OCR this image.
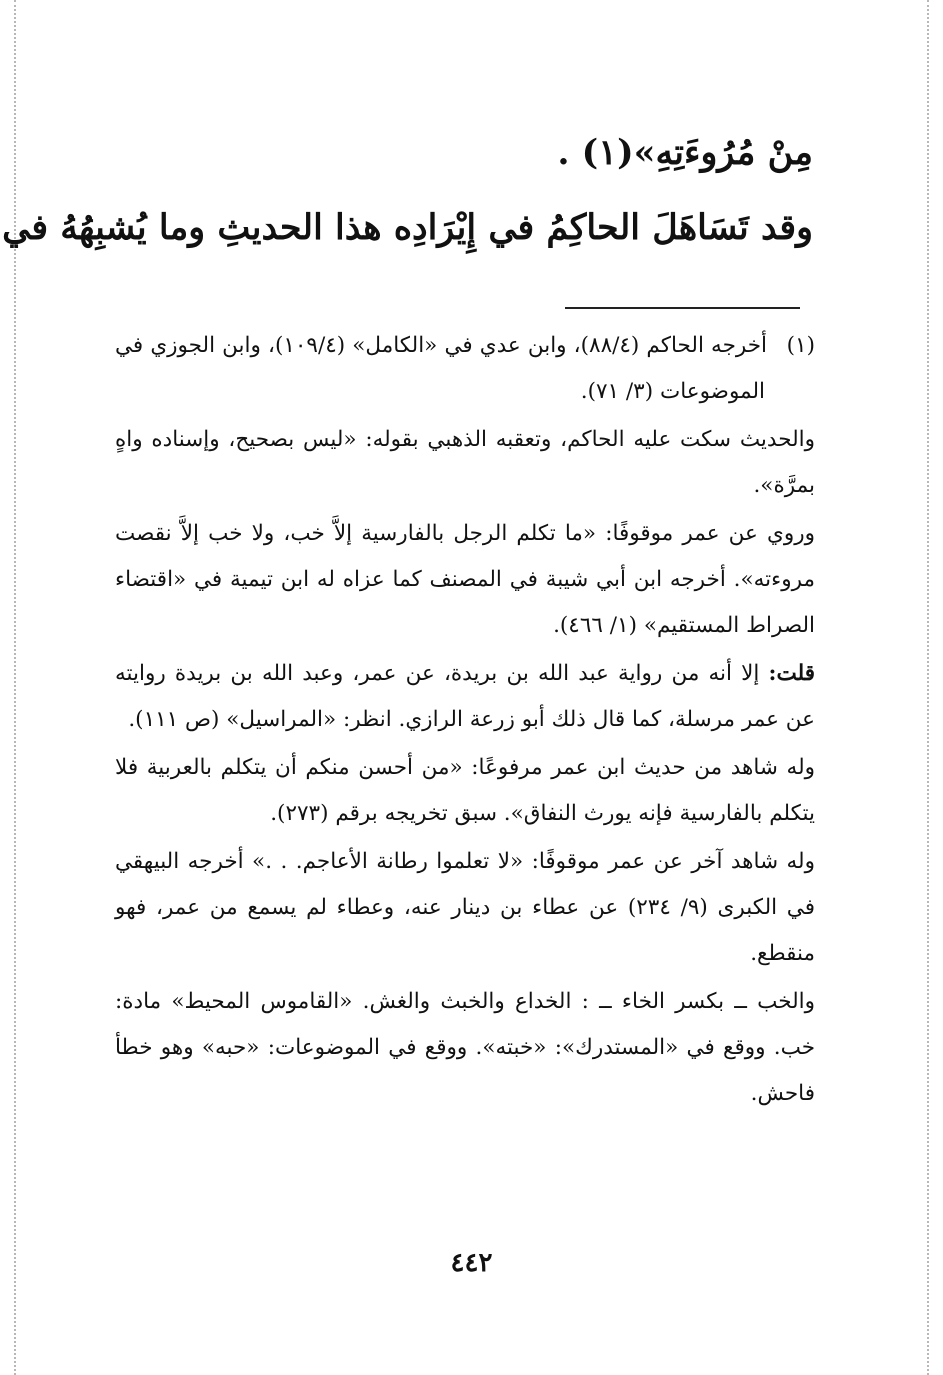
مِنْ مُرُوءَتِهِ»(١) .
وقد تَسَاهَلَ الحاكِمُ في إِيْرَادِه هذا الحديثِ وما يُشبِهُهُ في

(١)أخرجه الحاكم (٨٨/٤)، وابن عدي في «الكامل» (١٠٩/٤)، وابن الجوزي في الموضوعات (٣/ ٧١).

والحديث سكت عليه الحاكم، وتعقبه الذهبي بقوله: «ليس بصحيح، وإسناده واهٍ بمرَّة».

وروي عن عمر موقوفًا: «ما تكلم الرجل بالفارسية إلاَّ خب، ولا خب إلاَّ نقصت مروءته». أخرجه ابن أبي شيبة في المصنف كما عزاه له ابن تيمية في «اقتضاء الصراط المستقيم» (١/ ٤٦٦).

قلت: إلا أنه من رواية عبد الله بن بريدة، عن عمر، وعبد الله بن بريدة روايته عن عمر مرسلة، كما قال ذلك أبو زرعة الرازي. انظر: «المراسيل» (ص ١١١).

وله شاهد من حديث ابن عمر مرفوعًا: «من أحسن منكم أن يتكلم بالعربية فلا يتكلم بالفارسية فإنه يورث النفاق». سبق تخريجه برقم (٢٧٣).

وله شاهد آخر عن عمر موقوفًا: «لا تعلموا رطانة الأعاجم. . .» أخرجه البيهقي في الكبرى (٩/ ٢٣٤) عن عطاء بن دينار عنه، وعطاء لم يسمع من عمر، فهو منقطع.

والخب ــ بكسر الخاء ــ : الخداع والخبث والغش. «القاموس المحيط» مادة: خب. ووقع في «المستدرك»: «خبته». ووقع في الموضوعات: «حبه» وهو خطأ فاحش.

٤٤٢
